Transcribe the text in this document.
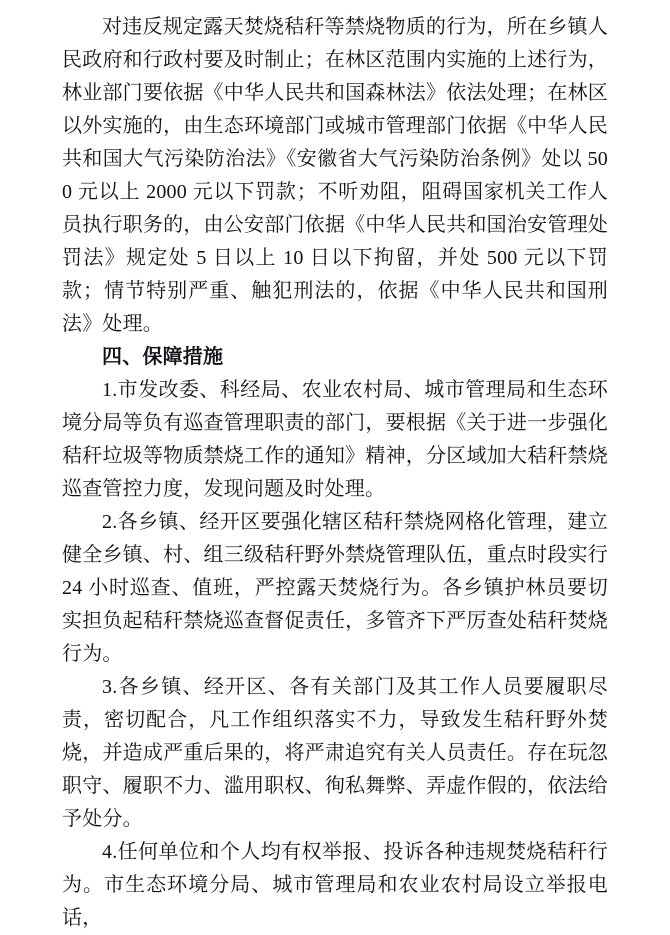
对违反规定露天焚烧秸秆等禁烧物质的行为，所在乡镇人民政府和行政村要及时制止；在林区范围内实施的上述行为，林业部门要依据《中华人民共和国森林法》依法处理；在林区以外实施的，由生态环境部门或城市管理部门依据《中华人民共和国大气污染防治法》《安徽省大气污染防治条例》处以 500 元以上 2000 元以下罚款；不听劝阻，阻碍国家机关工作人员执行职务的，由公安部门依据《中华人民共和国治安管理处罚法》规定处 5 日以上 10 日以下拘留，并处 500 元以下罚款；情节特别严重、触犯刑法的，依据《中华人民共和国刑法》处理。

四、保障措施

1.市发改委、科经局、农业农村局、城市管理局和生态环境分局等负有巡查管理职责的部门，要根据《关于进一步强化秸秆垃圾等物质禁烧工作的通知》精神，分区域加大秸秆禁烧巡查管控力度，发现问题及时处理。

2.各乡镇、经开区要强化辖区秸秆禁烧网格化管理，建立健全乡镇、村、组三级秸秆野外禁烧管理队伍，重点时段实行 24 小时巡查、值班，严控露天焚烧行为。各乡镇护林员要切实担负起秸秆禁烧巡查督促责任，多管齐下严厉查处秸秆焚烧行为。

3.各乡镇、经开区、各有关部门及其工作人员要履职尽责，密切配合，凡工作组织落实不力，导致发生秸秆野外焚烧，并造成严重后果的，将严肃追究有关人员责任。存在玩忽职守、履职不力、滥用职权、徇私舞弊、弄虚作假的，依法给予处分。

4.任何单位和个人均有权举报、投诉各种违规焚烧秸秆行为。市生态环境分局、城市管理局和农业农村局设立举报电话，
